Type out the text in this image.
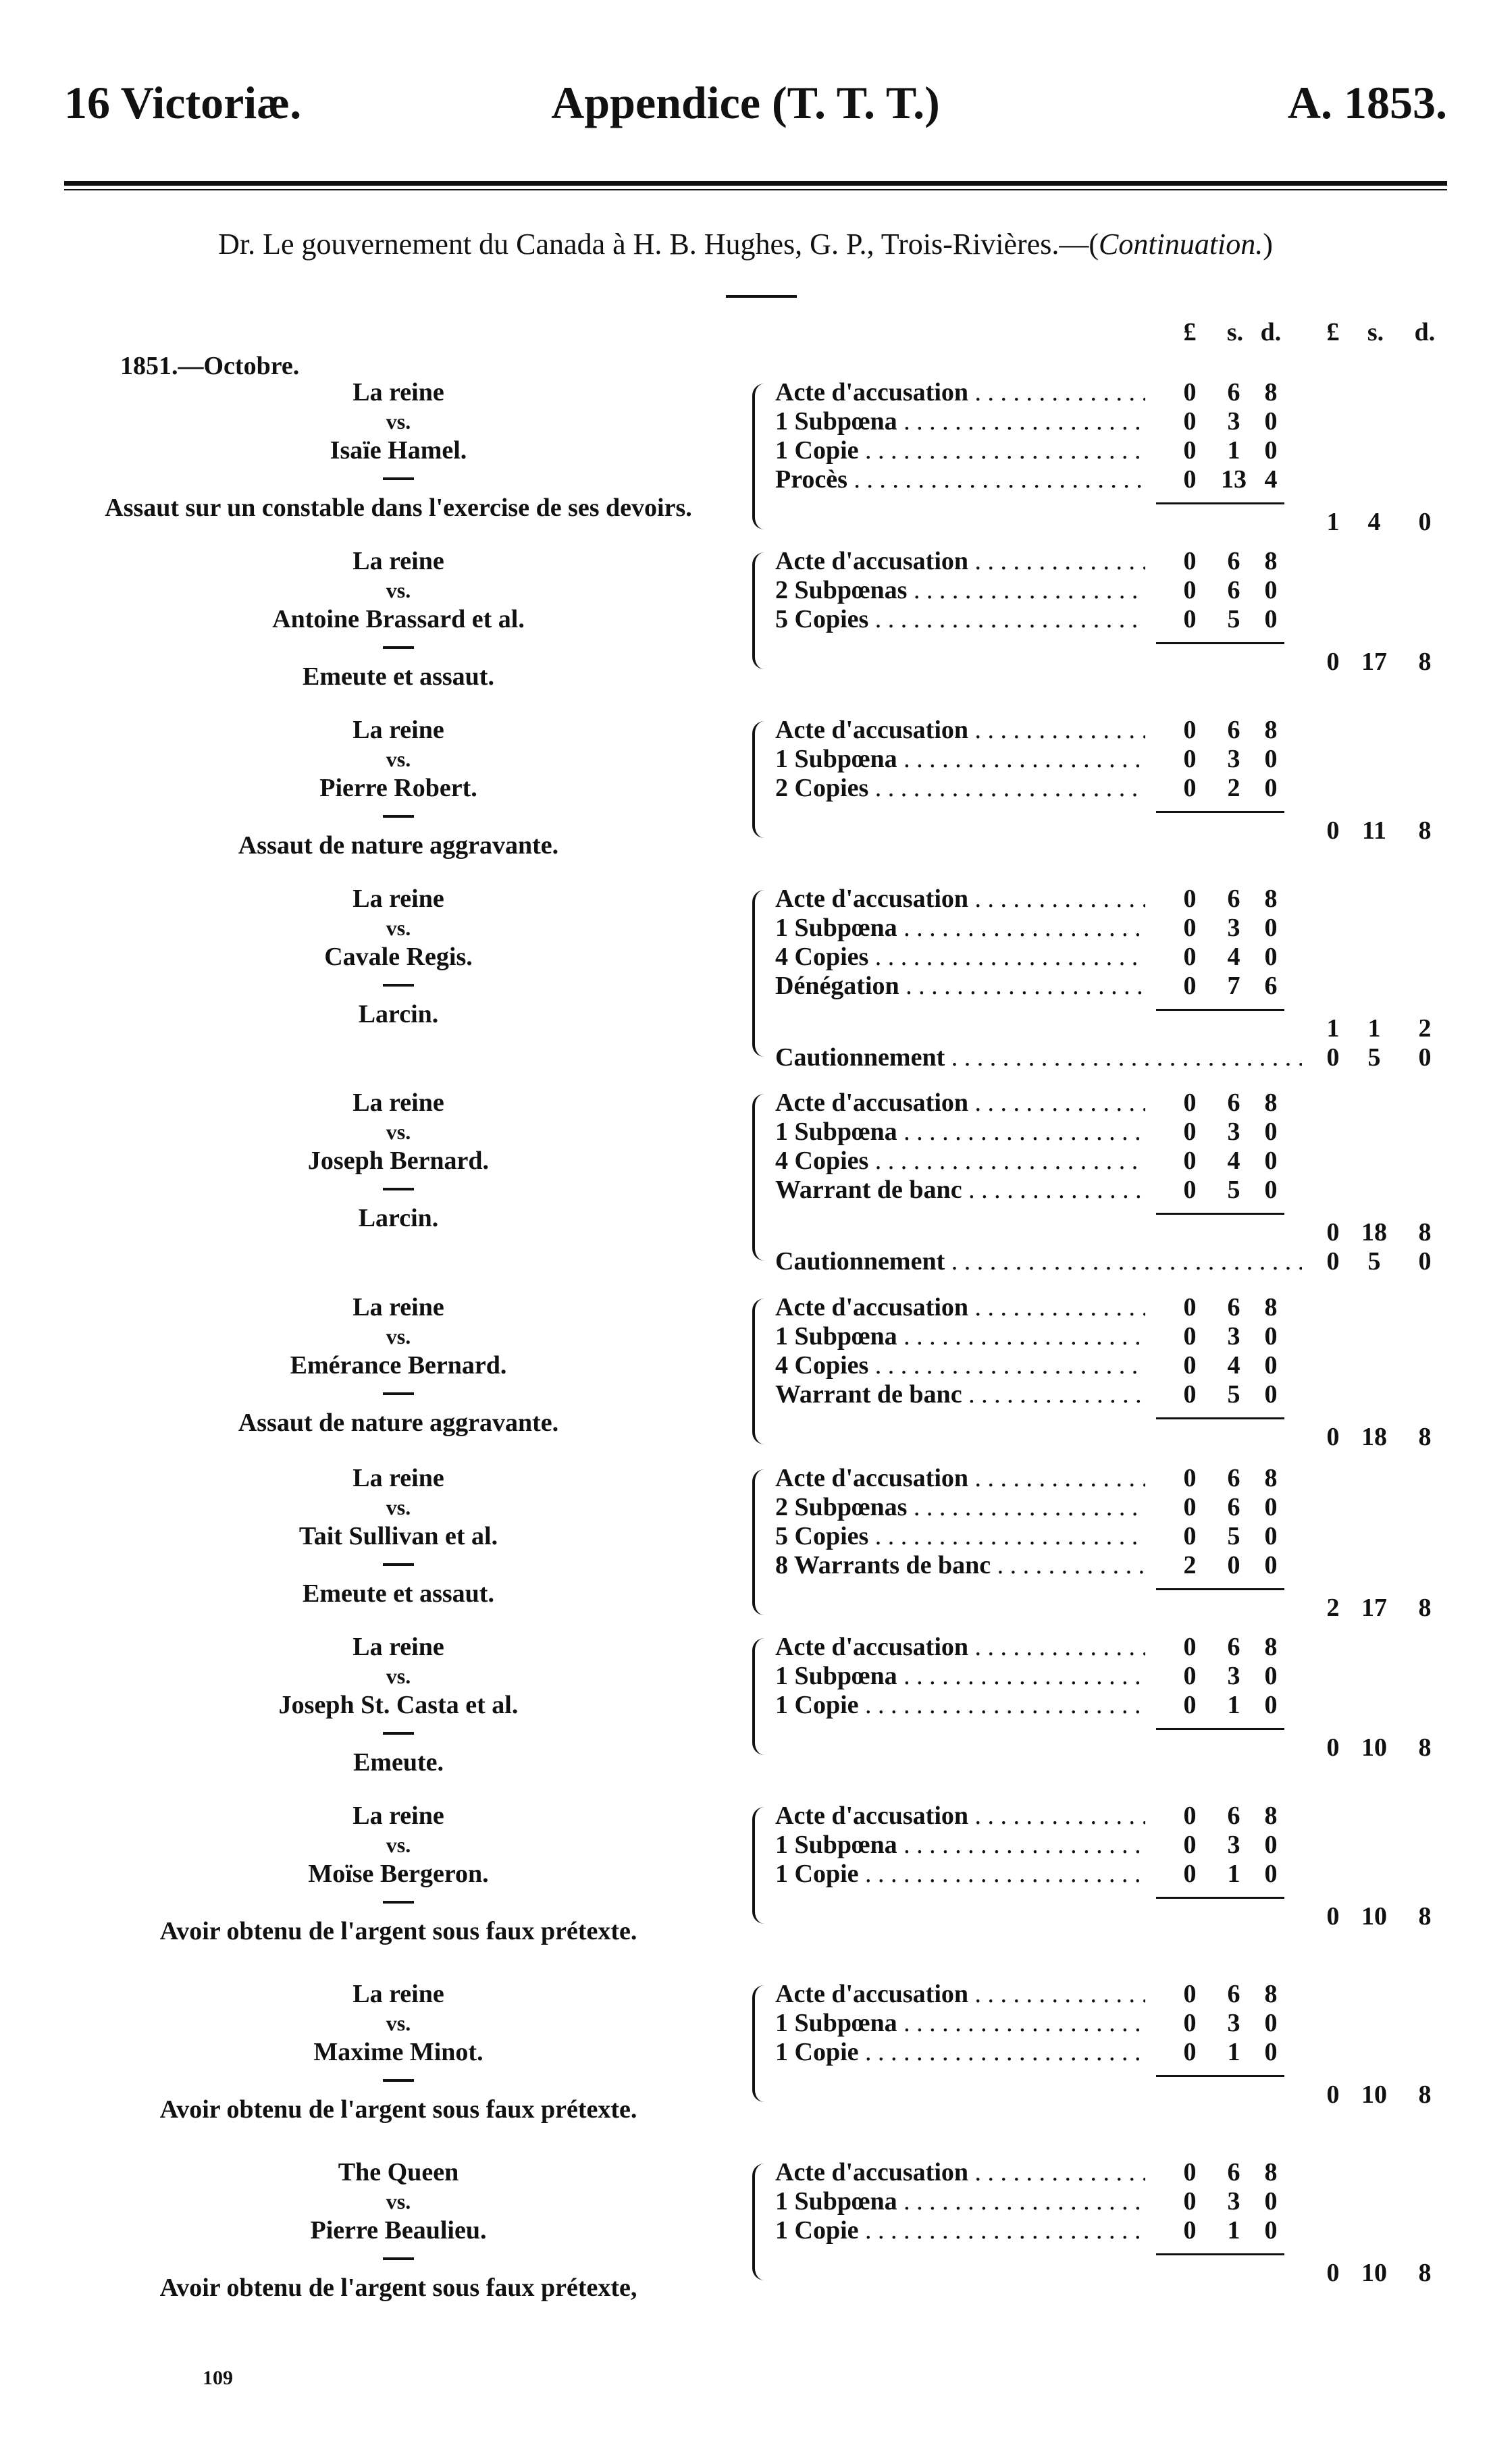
16 Victoriæ.	Appendice (T. T. T.)	A. 1853.
Dr. Le gouvernement du Canada à H. B. Hughes, G. P., Trois-Rivières.—(Continuation.)
£	s. d.	£	s.	d.
1851.—Octobre.
La reine
vs.
Isaïe Hamel.
Assaut sur un constable dans l'exercise de ses devoirs.
Acte d'accusation . . .	0	6 8
1 Subpœna . . .	0	3 0
1 Copie . . .	0	1 0
Procès . . .	0 13 4
1	4	0
La reine
vs.
Antoine Brassard et al.
Emeute et assaut.
Acte d'accusation . . .	0	6 8
2 Subpœnas . . .	0	6 0
5 Copies . . .	0	5 0
0 17	8
La reine
vs.
Pierre Robert.
Assaut de nature aggravante.
Acte d'accusation . . .	0	6 8
1 Subpœna . . .	0	3 0
2 Copies . . .	0	2 0
0 11	8
La reine
vs.
Cavale Regis.
Larcin.
Acte d'accusation . . .	0	6 8
1 Subpœna . . .	0	3 0
4 Copies . . .	0	4 0
Dénégation . . .	0	7 6
1	1	2
Cautionnement . . .	0	5	0
La reine
vs.
Joseph Bernard.
Larcin.
Acte d'accusation . . .	0	6 8
1 Subpœna . . .	0	3 0
4 Copies . . .	0	4 0
Warrant de banc . . .	0	5 0
0 18	8
Cautionnement . . .	0	5	0
La reine
vs.
Emérance Bernard.
Assaut de nature aggravante.
Acte d'accusation . . .	0	6 8
1 Subpœna . . .	0	3 0
4 Copies . . .	0	4 0
Warrant de banc . . .	0	5 0
0 18	8
La reine
vs.
Tait Sullivan et al.
Emeute et assaut.
Acte d'accusation . . .	0	6 8
2 Subpœnas . . .	0	6 0
5 Copies . . .	0	5 0
8 Warrants de banc . . .	2	0 0
2 17	8
La reine
vs.
Joseph St. Casta et al.
Emeute.
Acte d'accusation . . .	0	6 8
1 Subpœna . . .	0	3 0
1 Copie . . .	0	1 0
0 10	8
La reine
vs.
Moïse Bergeron.
Avoir obtenu de l'argent sous faux prétexte.
Acte d'accusation . . .	0	6 8
1 Subpœna . . .	0	3 0
1 Copie . . .	0	1 0
0 10	8
La reine
vs.
Maxime Minot.
Avoir obtenu de l'argent sous faux prétexte.
Acte d'accusation . . .	0	6 8
1 Subpœna . . .	0	3 0
1 Copie . . .	0	1 0
0 10	8
The Queen
vs.
Pierre Beaulieu.
Avoir obtenu de l'argent sous faux prétexte,
Acte d'accusation . . .	0	6 8
1 Subpœna . . .	0	3 0
1 Copie . . .	0	1 0
0 10	8
109
